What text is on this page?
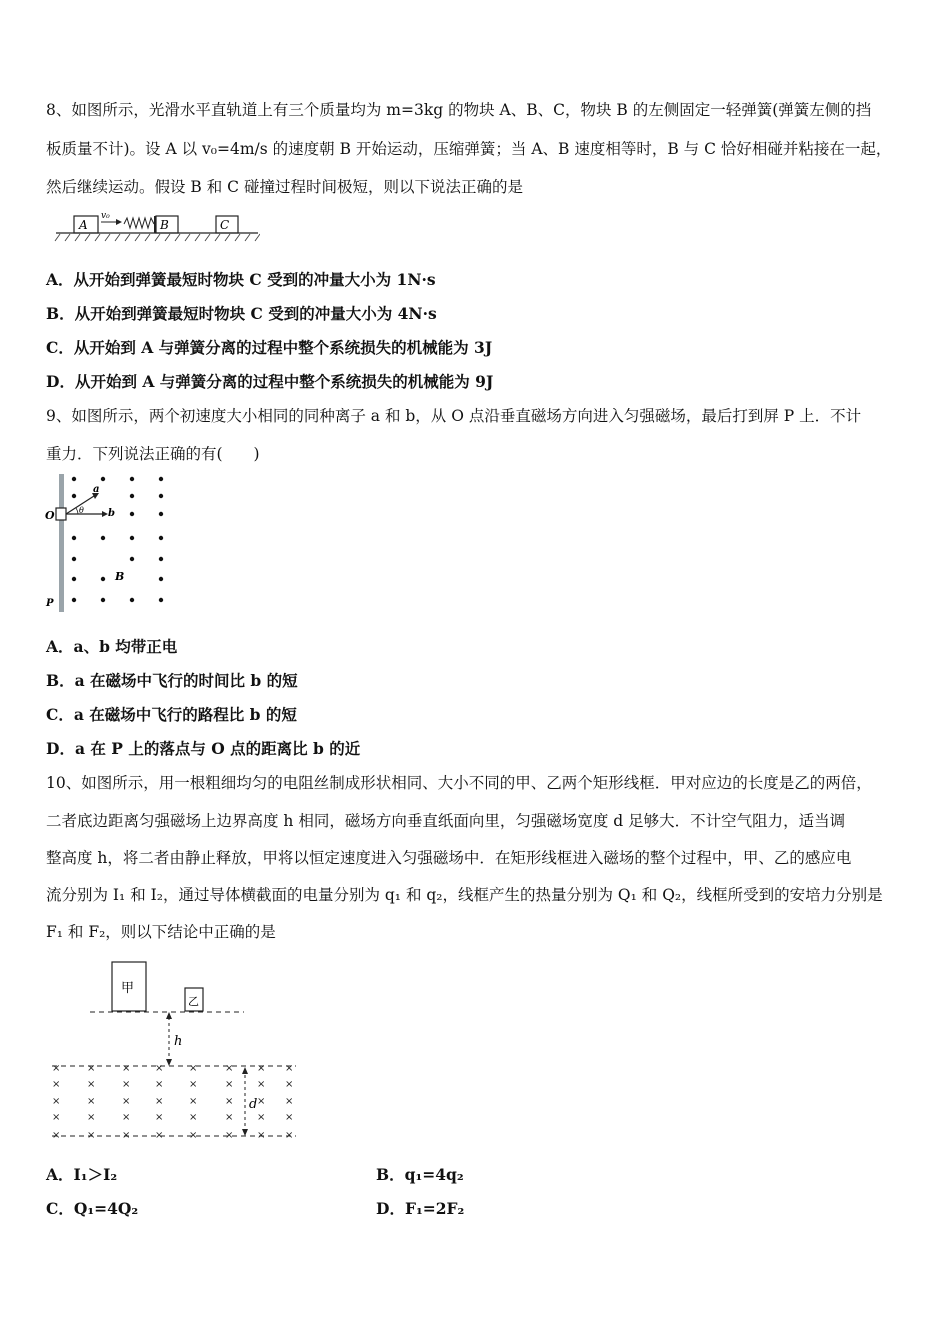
8、如图所示，光滑水平直轨道上有三个质量均为 m=3kg 的物块 A、B、C，物块 B 的左侧固定一轻弹簧(弹簧左侧的挡
板质量不计)。设 A 以 v₀=4m/s 的速度朝 B 开始运动，压缩弹簧；当 A、B 速度相等时，B 与 C 恰好相碰并粘接在一起，
然后继续运动。假设 B 和 C 碰撞过程时间极短，则以下说法正确的是
A
v₀
B	C
A．从开始到弹簧最短时物块 C 受到的冲量大小为 1N·s
B．从开始到弹簧最短时物块 C 受到的冲量大小为 4N·s
C．从开始到 A 与弹簧分离的过程中整个系统损失的机械能为 3J
D．从开始到 A 与弹簧分离的过程中整个系统损失的机械能为 9J
9、如图所示，两个初速度大小相同的同种离子 a 和 b，从 O 点沿垂直磁场方向进入匀强磁场，最后打到屏 P 上．不计
重力．下列说法正确的有(　　)
O
P
θ
a
b
B
A．a、b 均带正电
B．a 在磁场中飞行的时间比 b 的短
C．a 在磁场中飞行的路程比 b 的短
D．a 在 P 上的落点与 O 点的距离比 b 的近
10、如图所示，用一根粗细均匀的电阻丝制成形状相同、大小不同的甲、乙两个矩形线框．甲对应边的长度是乙的两倍，
二者底边距离匀强磁场上边界高度 h 相同，磁场方向垂直纸面向里，匀强磁场宽度 d 足够大．不计空气阻力，适当调
整高度 h，将二者由静止释放，甲将以恒定速度进入匀强磁场中．在矩形线框进入磁场的整个过程中，甲、乙的感应电
流分别为 I₁ 和 I₂，通过导体横截面的电量分别为 q₁ 和 q₂，线框产生的热量分别为 Q₁ 和 Q₂，线框所受到的安培力分别是
F₁ 和 F₂，则以下结论中正确的是
甲
乙
h
d
×	×	× ×	×	× × ×
×	×	× ×	×	× × ×
×	×	× ×	×	× × ×
×	×	× ×	×	× × ×
×	×	× ×	×	× × ×
A．I₁＞I₂	B．q₁=4q₂
C．Q₁=4Q₂	D．F₁=2F₂
